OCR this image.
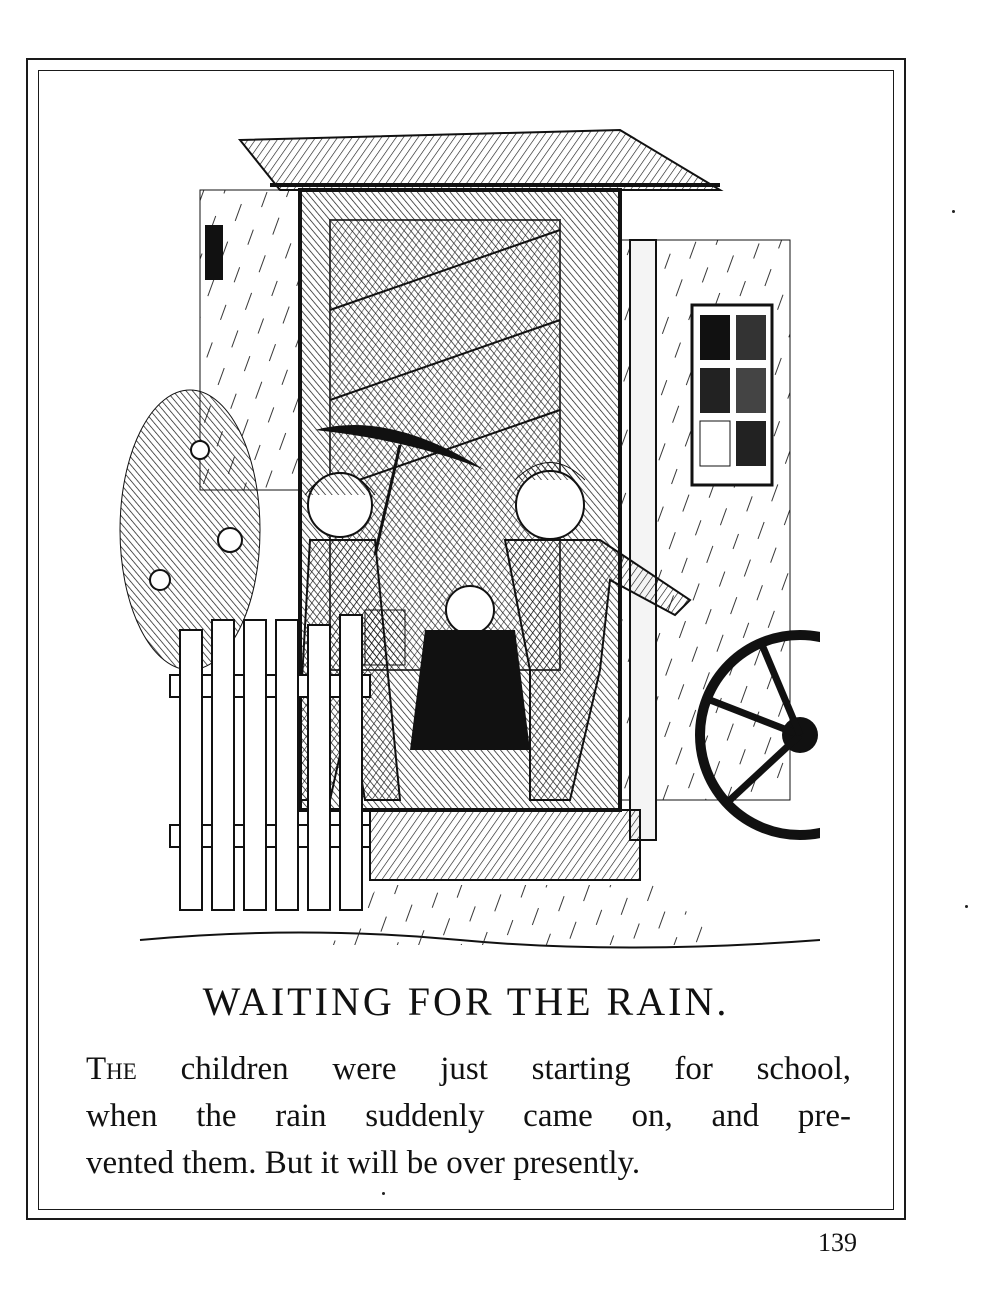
WAITING FOR THE RAIN.

The children were just starting for school,
when the rain suddenly came on, and pre-
vented them. But it will be over presently.

139
